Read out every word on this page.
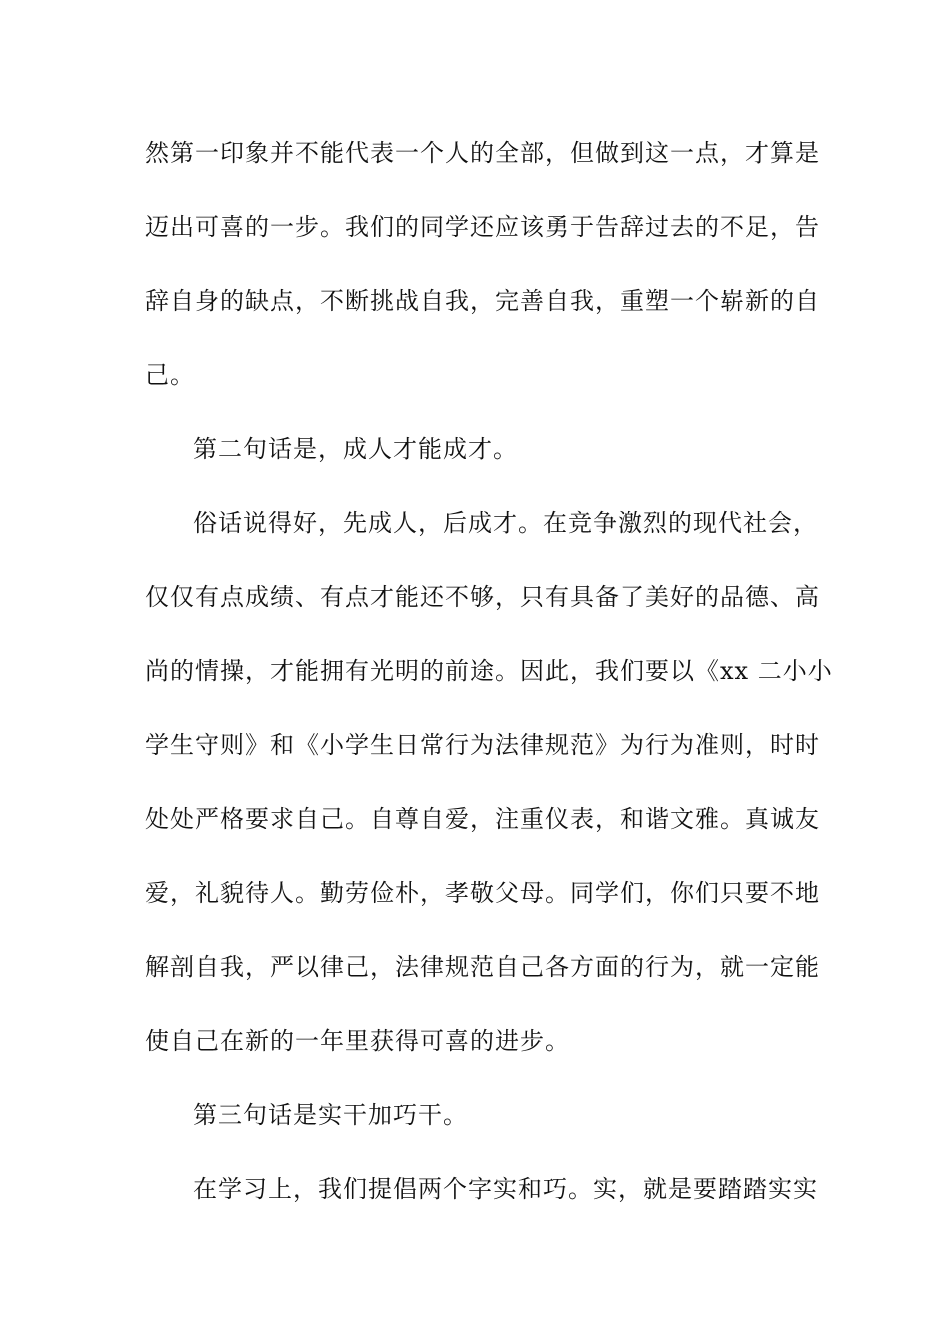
然第一印象并不能代表一个人的全部，但做到这一点，才算是
迈出可喜的一步。我们的同学还应该勇于告辞过去的不足，告
辞自身的缺点，不断挑战自我，完善自我，重塑一个崭新的自
己。
第二句话是，成人才能成才。
俗话说得好，先成人，后成才。在竞争激烈的现代社会，
仅仅有点成绩、有点才能还不够，只有具备了美好的品德、高
尚的情操，才能拥有光明的前途。因此，我们要以《xx 二小小
学生守则》和《小学生日常行为法律规范》为行为准则，时时
处处严格要求自己。自尊自爱，注重仪表，和谐文雅。真诚友
爱，礼貌待人。勤劳俭朴，孝敬父母。同学们，你们只要不地
解剖自我，严以律己，法律规范自己各方面的行为，就一定能
使自己在新的一年里获得可喜的进步。
第三句话是实干加巧干。
在学习上，我们提倡两个字实和巧。实，就是要踏踏实实
